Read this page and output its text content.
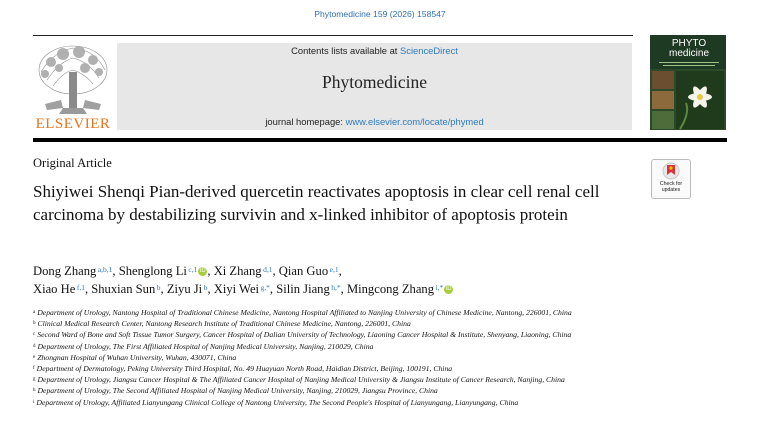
Phytomedicine 159 (2026) 158547
ELSEVIER
Contents lists available at ScienceDirect
Phytomedicine
journal homepage: www.elsevier.com/locate/phymed
PHYTO
medicine
Original Article
Shiyiwei Shenqi Pian-derived quercetin reactivates apoptosis in clear cell renal cell carcinoma by destabilizing survivin and x-linked inhibitor of apoptosis protein
Check for
updates
Dong Zhang $^{a,b,1}$, Shenglong Li $^{c,1}$ iD , Xi Zhang $^{d,1}$, Qian Guo $^{e,1}$,
Xiao He $^{f,1}$, Shuxian Sun $^b$, Ziyu Ji $^b$, Xiyi Wei $^{g,*}$, Silin Jiang $^{h,*}$, Mingcong Zhang $^{i,*}$ iD
$^a$ Department of Urology, Nantong Hospital of Traditional Chinese Medicine, Nantong Hospital Affiliated to Nanjing University of Chinese Medicine, Nantong, 226001, China
$^b$ Clinical Medical Research Center, Nantong Research Institute of Traditional Chinese Medicine, Nantong, 226001, China
$^c$ Second Ward of Bone and Soft Tissue Tumor Surgery, Cancer Hospital of Dalian University of Technology, Liaoning Cancer Hospital & Institute, Shenyang, Liaoning, China
$^d$ Department of Urology, The First Affiliated Hospital of Nanjing Medical University, Nanjing, 210029, China
$^e$ Zhongnan Hospital of Wuhan University, Wuhan, 430071, China
$^f$ Department of Dermatology, Peking University Third Hospital, No. 49 Huayuan North Road, Haidian District, Beijing, 100191, China
$^g$ Department of Urology, Jiangsu Cancer Hospital & The Affiliated Cancer Hospital of Nanjing Medical University & Jiangsu Institute of Cancer Research, Nanjing, China
$^h$ Department of Urology, The Second Affiliated Hospital of Nanjing Medical University, Nanjing, 210029, Jiangsu Province, China
$^i$ Department of Urology, Affiliated Lianyungang Clinical College of Nantong University, The Second People's Hospital of Lianyungang, Lianyungang, China
